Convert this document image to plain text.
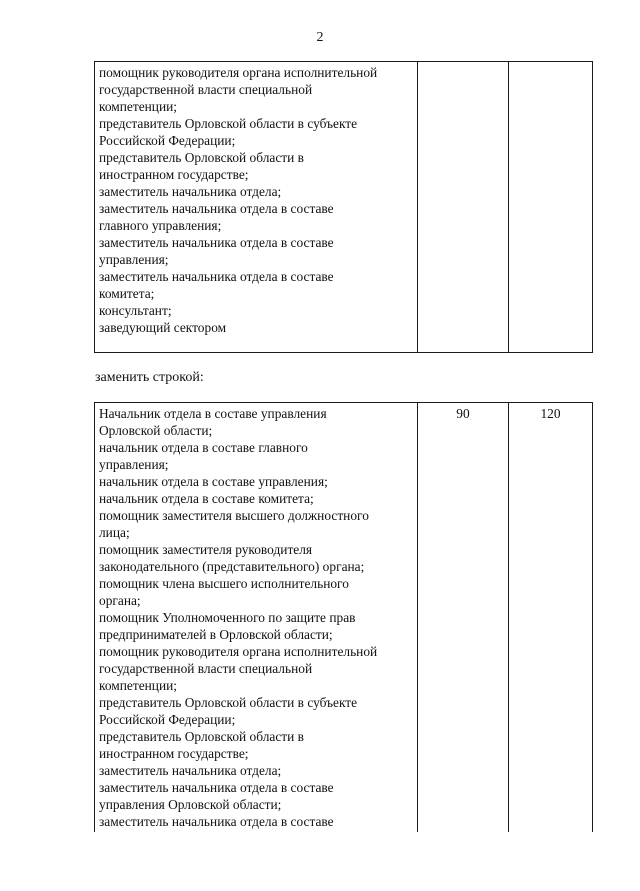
2
помощник руководителя органа исполнительной
государственной власти специальной
компетенции;
представитель Орловской области в субъекте
Российской Федерации;
представитель Орловской области в
иностранном государстве;
заместитель начальника отдела;
заместитель начальника отдела в составе
главного управления;
заместитель начальника отдела в составе
управления;
заместитель начальника отдела в составе
комитета;
консультант;
заведующий сектором

заменить строкой:
Начальник отдела в составе управления
Орловской области;
начальник отдела в составе главного
управления;
начальник отдела в составе управления;
начальник отдела в составе комитета;
помощник заместителя высшего должностного
лица;
помощник заместителя руководителя
законодательного (представительного) органа;
помощник члена высшего исполнительного
органа;
помощник Уполномоченного по защите прав
предпринимателей в Орловской области;
помощник руководителя органа исполнительной
государственной власти специальной
компетенции;
представитель Орловской области в субъекте
Российской Федерации;
представитель Орловской области в
иностранном государстве;
заместитель начальника отдела;
заместитель начальника отдела в составе
управления Орловской области;
заместитель начальника отдела в составе
	90	120
